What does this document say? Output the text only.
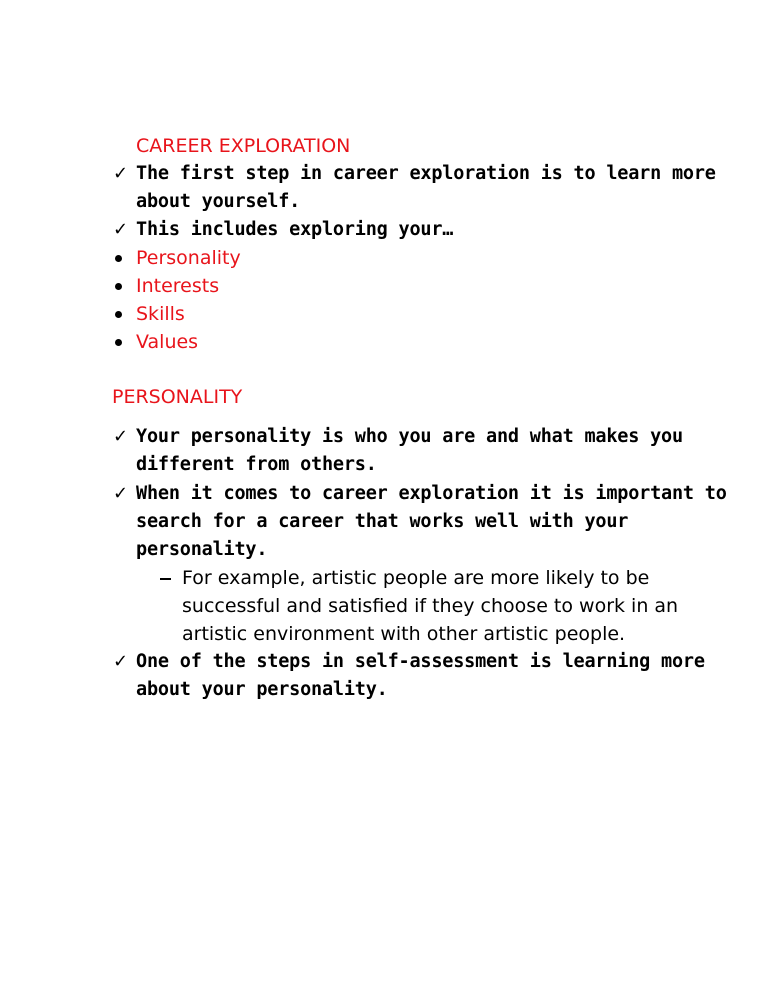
CAREER EXPLORATION
✓ The first step in career exploration is to learn more
about yourself.
✓ This includes exploring your…
Personality
Interests
Skills
Values
PERSONALITY
✓ Your personality is who you are and what makes you
different from others.
✓ When it comes to career exploration it is important to
search for a career that works well with your
personality.
For example, artistic people are more likely to be
successful and satisfied if they choose to work in an
artistic environment with other artistic people.
✓ One of the steps in self-assessment is learning more
about your personality.
